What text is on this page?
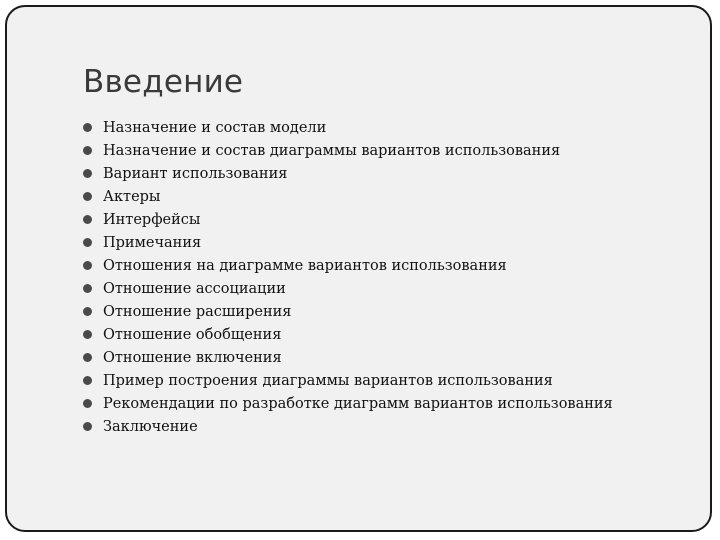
Введение
Назначение и состав модели
Назначение и состав диаграммы вариантов использования
Вариант использования
Актеры
Интерфейсы
Примечания
Отношения на диаграмме вариантов использования
Отношение ассоциации
Отношение расширения
Отношение обобщения
Отношение включения
Пример построения диаграммы вариантов использования
Рекомендации по разработке диаграмм вариантов использования
Заключение
